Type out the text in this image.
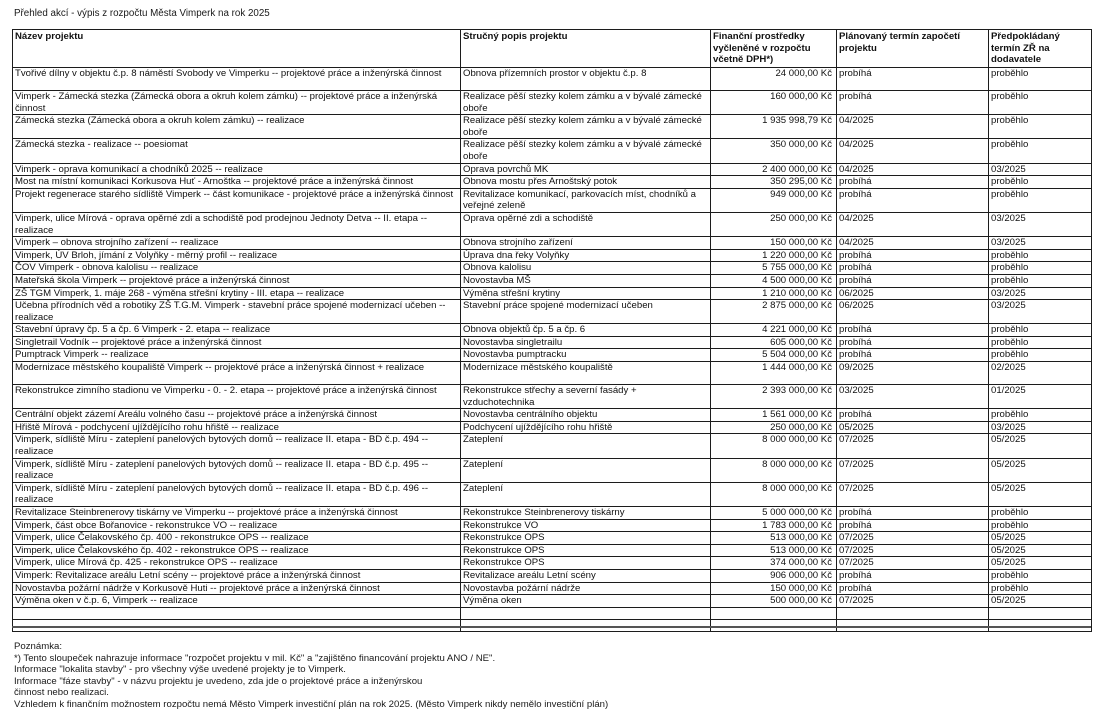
Přehled akcí - výpis z rozpočtu Města Vimperk na rok 2025
Název projektu	Stručný popis projektu	Finanční prostředky vyčleněné v rozpočtu včetně DPH*)	Plánovaný termín započetí projektu	Předpokládaný termín ZŘ na dodavatele
Tvořivé dílny v objektu č.p. 8 náměstí Svobody ve Vimperku -- projektové práce a inženýrská činnost	Obnova přízemních prostor v objektu č.p. 8	24 000,00 Kč	probíhá	proběhlo
Vimperk - Zámecká stezka (Zámecká obora a okruh kolem zámku) -- projektové práce a inženýrská činnost	Realizace pěší stezky kolem zámku a v bývalé zámecké oboře	160 000,00 Kč	probíhá	proběhlo
Zámecká stezka (Zámecká obora a okruh kolem zámku) -- realizace	Realizace pěší stezky kolem zámku a v bývalé zámecké oboře	1 935 998,79 Kč	04/2025	proběhlo
Zámecká stezka - realizace -- poesiomat	Realizace pěší stezky kolem zámku a v bývalé zámecké oboře	350 000,00 Kč	04/2025	proběhlo
Vimperk - oprava komunikací a chodníků 2025 -- realizace	Oprava povrchů MK	2 400 000,00 Kč	04/2025	03/2025
Most na místní komunikaci Korkusova Huť - Arnoštka -- projektové práce a inženýrská činnost	Obnova mostu přes Arnoštský potok	350 295,00 Kč	probíhá	proběhlo
Projekt regenerace starého sídliště Vimperk -- část komunikace - projektové práce a inženýrská činnost	Revitalizace komunikací, parkovacích míst, chodníků a veřejné zeleně	949 000,00 Kč	probíhá	proběhlo
Vimperk, ulice Mírová - oprava opěrné zdi a schodiště pod prodejnou Jednoty Detva -- II. etapa -- realizace	Oprava opěrné zdi a schodiště	250 000,00 Kč	04/2025	03/2025
Vimperk – obnova strojního zařízení -- realizace	Obnova strojního zařízení	150 000,00 Kč	04/2025	03/2025
Vimperk, ÚV Brloh, jímání z Volyňky - měrný profil -- realizace	Úprava dna řeky Volyňky	1 220 000,00 Kč	probíhá	proběhlo
ČOV Vimperk - obnova kalolisu -- realizace	Obnova kalolisu	5 755 000,00 Kč	probíhá	proběhlo
Mateřská škola Vimperk -- projektové práce a inženýrská činnost	Novostavba MŠ	4 500 000,00 Kč	probíhá	proběhlo
ZŠ TGM Vimperk, 1. máje 268 - výměna střešní krytiny - III. etapa -- realizace	Výměna střešní krytiny	1 210 000,00 Kč	06/2025	03/2025
Učebna přírodních věd a robotiky ZŠ T.G.M. Vimperk - stavební práce spojené modernizací učeben -- realizace	Stavební práce spojené modernizací učeben	2 875 000,00 Kč	06/2025	03/2025
Stavební úpravy čp. 5 a čp. 6 Vimperk - 2. etapa -- realizace	Obnova objektů čp. 5 a čp. 6	4 221 000,00 Kč	probíhá	proběhlo
Singletrail Vodník -- projektové práce a inženýrská činnost	Novostavba singletrailu	605 000,00 Kč	probíhá	proběhlo
Pumptrack Vimperk -- realizace	Novostavba pumptracku	5 504 000,00 Kč	probíhá	proběhlo
Modernizace městského koupaliště Vimperk -- projektové práce a inženýrská činnost + realizace	Modernizace městského koupaliště	1 444 000,00 Kč	09/2025	02/2025
Rekonstrukce zimního stadionu ve Vimperku - 0. - 2. etapa -- projektové práce a inženýrská činnost	Rekonstrukce střechy a severní fasády + vzduchotechnika	2 393 000,00 Kč	03/2025	01/2025
Centrální objekt zázemí Areálu volného času -- projektové práce a inženýrská činnost	Novostavba centrálního objektu	1 561 000,00 Kč	probíhá	proběhlo
Hřiště Mírová - podchycení ujíždějícího rohu hřiště -- realizace	Podchycení ujíždějícího rohu hřiště	250 000,00 Kč	05/2025	03/2025
Vimperk, sídliště Míru - zateplení panelových bytových domů -- realizace II. etapa - BD č.p. 494 -- realizace	Zateplení	8 000 000,00 Kč	07/2025	05/2025
Vimperk, sídliště Míru - zateplení panelových bytových domů -- realizace II. etapa - BD č.p. 495 -- realizace	Zateplení	8 000 000,00 Kč	07/2025	05/2025
Vimperk, sídliště Míru - zateplení panelových bytových domů -- realizace II. etapa - BD č.p. 496 -- realizace	Zateplení	8 000 000,00 Kč	07/2025	05/2025
Revitalizace Steinbrenerovy tiskárny ve Vimperku -- projektové práce a inženýrská činnost	Rekonstrukce Steinbrenerovy tiskárny	5 000 000,00 Kč	probíhá	proběhlo
Vimperk, část obce Bořanovice - rekonstrukce VO -- realizace	Rekonstrukce VO	1 783 000,00 Kč	probíhá	proběhlo
Vimperk, ulice Čelakovského čp. 400 - rekonstrukce OPS -- realizace	Rekonstrukce OPS	513 000,00 Kč	07/2025	05/2025
Vimperk, ulice Čelakovského čp. 402 - rekonstrukce OPS -- realizace	Rekonstrukce OPS	513 000,00 Kč	07/2025	05/2025
Vimperk, ulice Mírová čp. 425 - rekonstrukce OPS -- realizace	Rekonstrukce OPS	374 000,00 Kč	07/2025	05/2025
Vimperk: Revitalizace areálu Letní scény -- projektové práce a inženýrská činnost	Revitalizace areálu Letní scény	906 000,00 Kč	probíhá	proběhlo
Novostavba požární nádrže v Korkusově Huti -- projektové práce a inženýrská činnost	Novostavba požární nádrže	150 000,00 Kč	probíhá	proběhlo
Výměna oken v č.p. 6, Vimperk -- realizace	Výměna oken	500 000,00 Kč	07/2025	05/2025

Poznámka:
*) Tento sloupeček nahrazuje informace "rozpočet projektu v mil. Kč" a "zajištěno financování projektu ANO / NE".
Informace "lokalita stavby" - pro všechny výše uvedené projekty je to Vimperk.
Informace "fáze stavby" - v názvu projektu je uvedeno, zda jde o projektové práce a inženýrskou
činnost nebo realizaci.
Vzhledem k finančním možnostem rozpočtu nemá Město Vimperk investiční plán na rok 2025. (Město Vimperk nikdy nemělo investiční plán)
